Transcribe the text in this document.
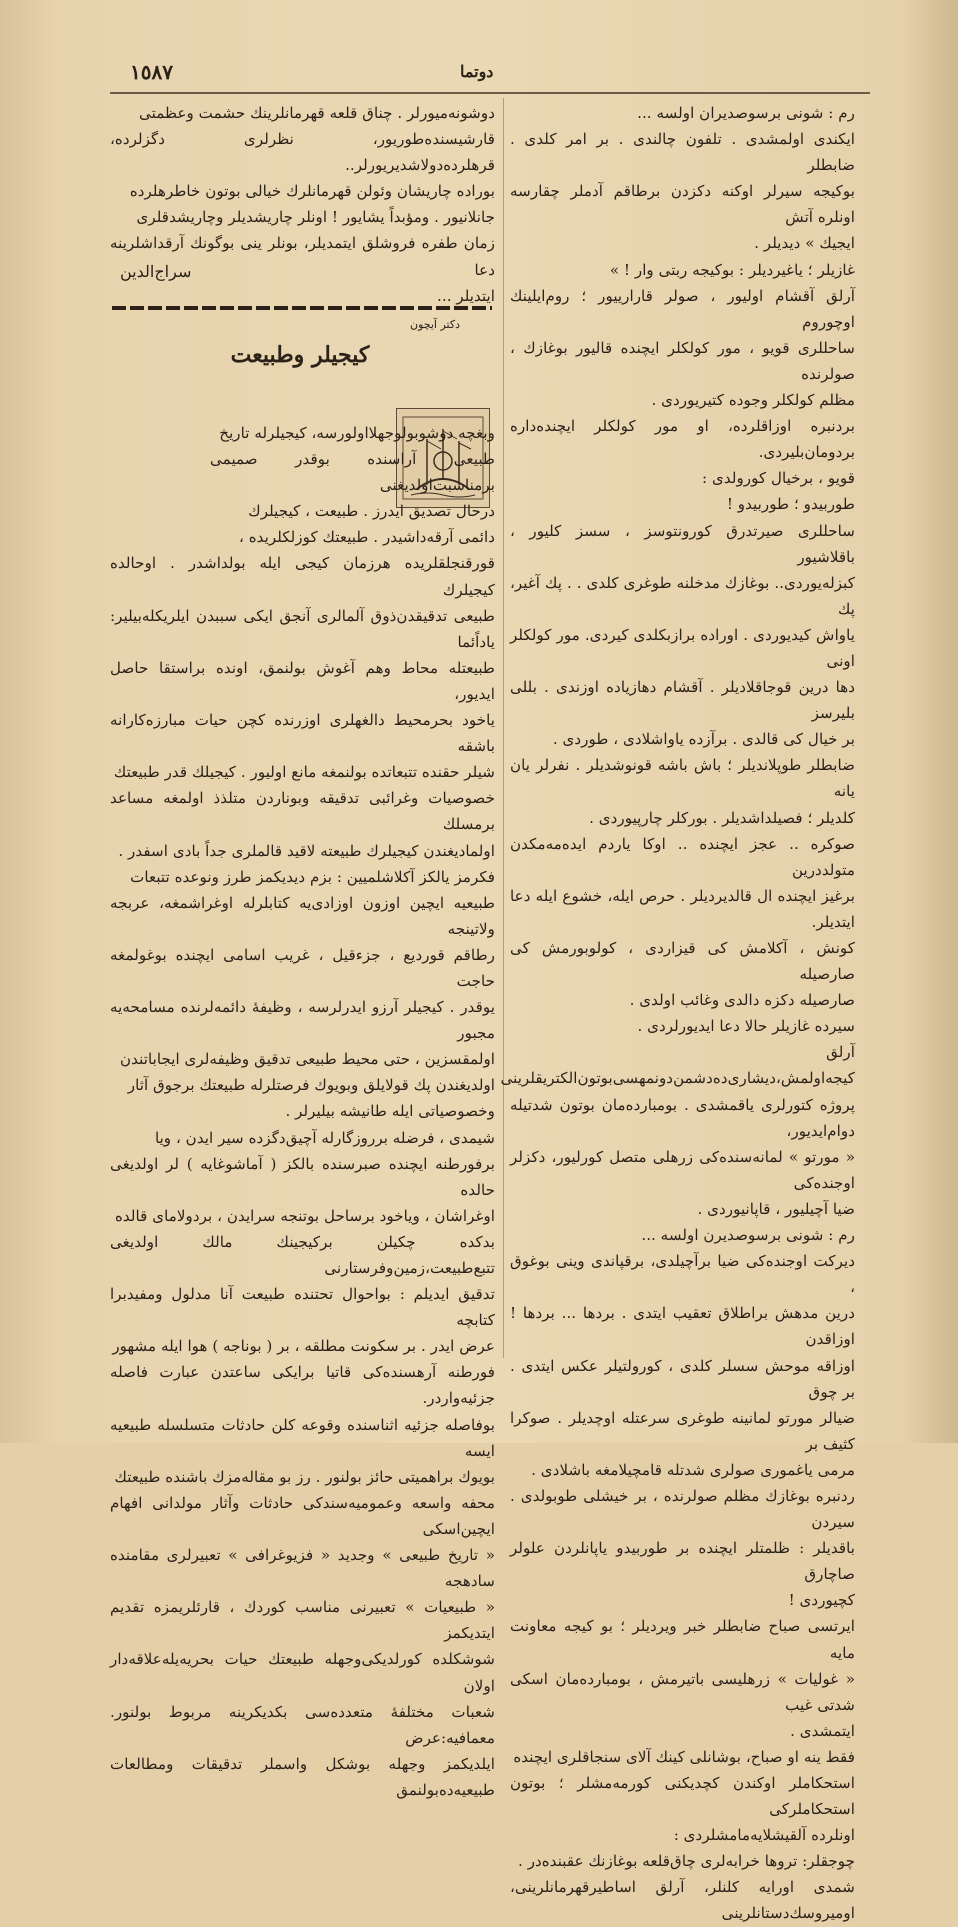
١٥٨٧	دوتما

دوشونه‌میورلر . چناق قلعه قهرمانلرینك حشمت وعظمتی

قارشیسنده‌طوریور، نظرلری دگزلرده، قرهلرده‌دولاشدیریورلر..

بوراده چاریشان وئولن قهرمانلرك خیالی بوتون خاطرهلرده

جانلانیور . ومؤبداً یشایور ! اونلر چاریشدیلر وچاریشدقلری

زمان طفره فروشلق ایتمدیلر، بونلر ینی بوگونك آرقداشلرینه دعا

ایتدیلر ...

سراج‌الدین
دکتر آیچون
کیجیلر وطبیعت

وبغچه دوشوبولوجهلااولورسه، کیجیلرله تاریخ

طبیعی آراسنده بوقدر صمیمی برمناسبت‌اولدیغنی

درحال تصدیق ایدرز . طبیعت ، کیجیلرك

دائمی آرقه‌داشیدر . طبیعتك کوزلکلریده ،

قورقنجلقلریده هرزمان کیجی ایله بولداشدر . اوحالده کیجیلرك

طبیعی تدقیقدن‌ذوق آلمالری آنجق ایکی سببدن ایلریکله‌بیلیر: یاداًئما

طبیعتله محاط وهم آغوش بولنمق، اونده براستقا حاصل ایدیور،

یاخود بحرمحیط دالغهلری اوزرنده کچن حیات مبارزه‌کارانه باشقه

شیلر حقنده تتبعاتده بولنمغه مانع اولیور . کیجیلك قدر طبیعتك

خصوصیات وغرائبی تدقیقه وبوناردن متلذذ اولمغه مساعد برمسلك

اولمادیغندن کیجیلرك طبیعته لاقید قالملری جداً بادی اسفدر .

فکرمز یالکز آکلاشلمیین : بزم دیدیکمز طرز ونوعده تتبعات

طبیعیه ایچین اوزون اوزادی‌یه کتابلرله اوغراشمغه، عربجه ولاتینجه

رطاقم قوردیع ، جزءقیل ، غریب اسامی ایچنده بوغولمغه حاجت

یوقدر . کیجیلر آرزو ایدرلرسه ، وظیفهٔ دائمه‌لرنده مسامحه‌یه مجبور

اولمقسزین ، حتی محیط طبیعی تدقیق وظیفه‌لری ایجاباتندن

اولدیغندن پك قولایلق وبویوك فرصتلرله طبیعتك برجوق آثار

وخصوصیاتی ایله طانیشه بیلیرلر .

شیمدی ، فرضله برروزگارله آچیق‌دگزده سیر ایدن ، ویا

برفورطنه ایچنده صبرسنده بالکز ( آماشوغایه ) لر اولدیغی حالده

اوغراشان ، ویاخود برساحل بوتنجه سرایدن ، بردولامای قالده

بدکده چکیلن برکیجینك مالك اولدیغی تتبع‌طبیعت،زمین‌وفرستارنی

تدقیق ایدیلم : بواحوال تحتنده طبیعت آنا مدلول ومفیدبرا کتابچه

عرض ایدر . بر سکونت مطلقه ، بر ( بوناجه ) هوا ایله مشهور

فورطنه آرهسنده‌کی قاتیا برایکی ساعتدن عبارت فاصله جزئیه‌واردر.

بوفاصله جزئیه اثناسنده وقوعه کلن حادثات متسلسله طبیعیه ایسه

بویوك براهمیتی حائز بولنور . رز بو مقاله‌مزك باشنده طبیعتك

محفه واسعه وعمومیه‌سندکی حادثات وآثار مولدانی افهام ایچین‌اسکی

« تاریخ طبیعی » وجدید « فزیوغرافی » تعبیرلری مقامنده سادهجه

« طبیعیات » تعبیرنی مناسب کوردك ، قارئلریمزه تقدیم ایتدیکمز

شوشکلده کورلدیکی‌وجهله طبیعتك حیات بحریه‌یله‌علاقه‌دار اولان

شعبات مختلفهٔ متعدده‌سی بکدیکرینه مربوط بولنور. معمافیه:عرض

ایلدیکمز وجهله بوشکل واسملر تدقیقات ومطالعات طبیعیه‌ده‌بولنمق

رم : شونی برسوصدیران اولسه ...

ایکندی اولمشدی . تلفون چالندی . بر امر کلدی . ضابطلر

بوکیجه سیرلر اوکنه دکزدن برطاقم آدملر چقارسه اونلره آتش

ایجیك » دیدیلر .

غازیلر ؛ یاغیردیلر : بوکیجه ربتی وار ! »

آرلق آقشام اولیور ، صولر قارارییور ؛ روم‌ایلینك اوچوروم

ساحللری قویو ، مور کولکلر ایچنده قالیور بوغازك ، صولرنده

مظلم کولکلر وجوده کتیریوردی .

بردنبره اوزاقلرده، او مور کولکلر ایچنده‌داره بردومان‌بلیردی.

قویو ، برخیال کورولدی :

طوربیدو ؛ طوربیدو !

ساحللری صیرتدرق کورونتوسز ، سسز کلیور ، باقلاشیور

کبزله‌یوردی.. بوغازك مدخلنه طوغری کلدی . . پك آغیر، پك

یاواش کیدیوردی . اوراده برازبکلدی کیردی. مور کولکلر اونی

دها درین قوجاقلادیلر . آقشام دهازیاده اوزندی . بللی بلیرسز

بر خیال کی قالدی . برآزده یاواشلادی ، طوردی .

ضابطلر طوپلاندیلر ؛ باش باشه قونوشدیلر . نفرلر یان یانه

کلدیلر ؛ فصیلداشدیلر . بورکلر چارپیوردی .

صوکره .. عجز ایچنده .. اوکا یاردم ایده‌مه‌مکدن متولددرین

برغیز ایچنده ال قالدیردیلر . حرص ایله، خشوع ایله دعا ایتدیلر.

کونش ، آکلامش کی قیزاردی ، کولوبورمش کی صارصیله

صارصیله دکزه دالدی وغائب اولدی .

سیرده غازیلر حالا دعا ایدیورلردی .

آرلق کیجه‌اولمش،دیشاری‌ده‌دشمن‌دونمهسی‌بوتون‌الکتریقلرینی

پروژه کتورلری یاقمشدی . بومبارده‌مان بوتون شدتیله دوام‌ایدیور،

« مورتو » لمانه‌سنده‌کی زرهلی متصل کورلیور، دکزلر اوجنده‌کی

ضیا آچیلیور ، قاپانیوردی .

رم : شونی برسوصدیرن اولسه ...

دیرکت اوجنده‌کی ضیا برآچیلدی، برقپاندی وینی بوغوق ،

درین مدهش براطلاق تعقیب ایتدی . بردها ... بردها ! اوزاقدن

اوزاقه موحش سسلر کلدی ، کورولتیلر عکس ایتدی . بر چوق

ضیالر مورتو لمانینه طوغری سرعتله اوچدیلر . صوکرا کثیف بر

مرمی یاغموری صولری شدتله قامچیلامغه باشلادی .

ردنبره بوغازك مظلم صولرنده ، بر خیشلی طوبولدی . سیردن

باقدیلر : ظلمتلر ایچنده بر طوربیدو یاپانلردن علولر صاچارق

کچیوردی !

ایرتسی صباح ضابطلر خبر ویردیلر ؛ بو کیجه معاونت مایه

« غولیات » زرهلیسی باتیرمش ، بومبارده‌مان اسکی شدتی غیب

ایتمشدی .

فقط ینه او صباح، بوشانلی کینك آلای سنجاقلری ایچنده

استحکاملر اوکندن کچدیکنی کورمه‌مشلر ؛ بوتون استحکاملرکی

اونلرده آلقیشلایه‌مامشلردی :

چوجقلر: تروها خرابه‌لری چاق‌قلعه بوغازنك عقبنده‌در .

شمدی اورایه کلنلر، آرلق اساطیرقهرمانلرینی، اومیروسك‌دستانلرینی
